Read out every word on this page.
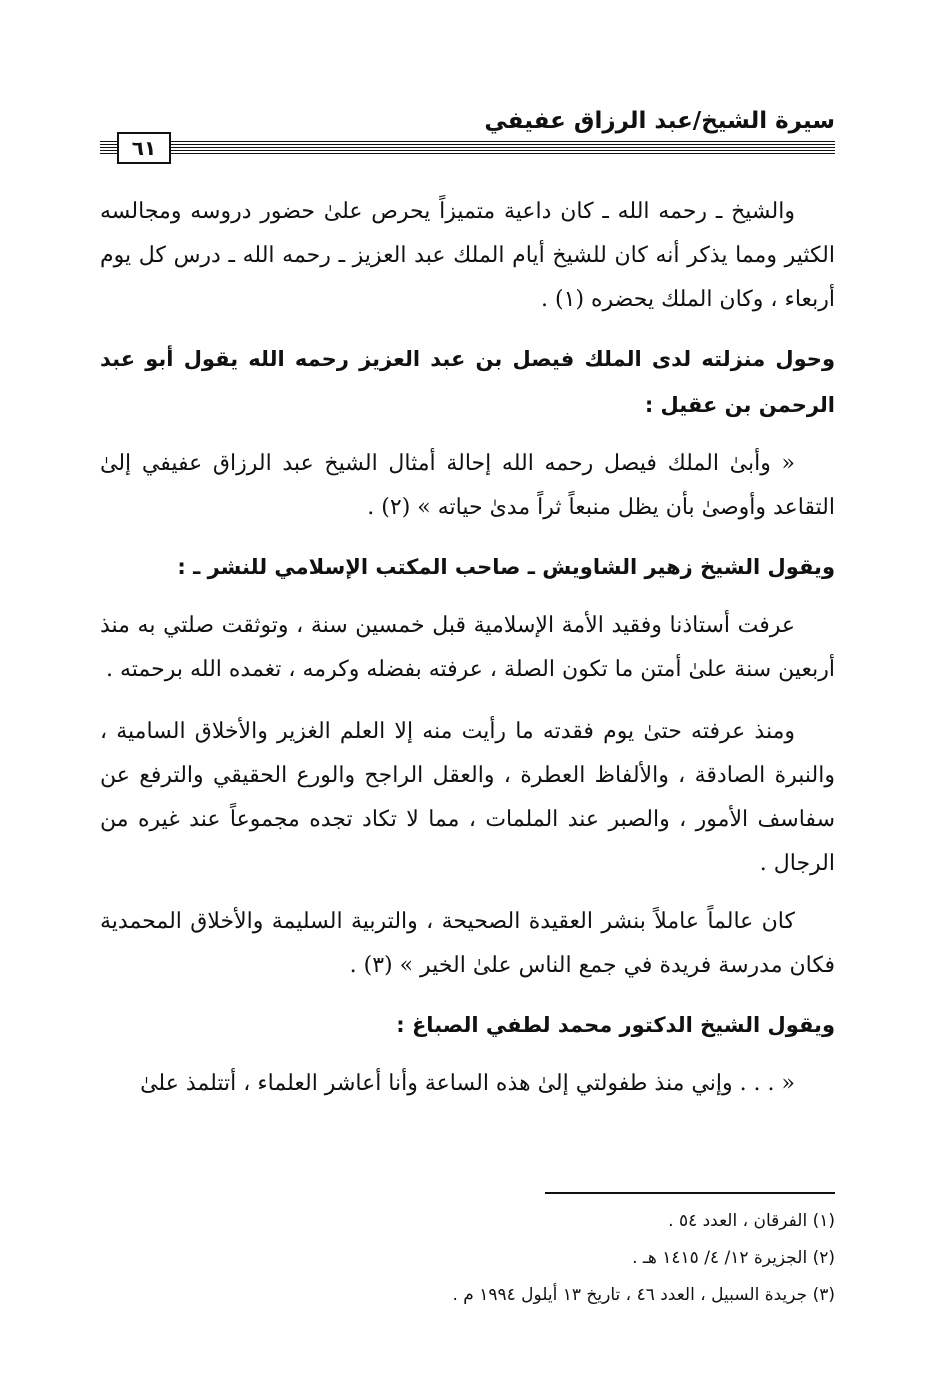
سيرة الشيخ/عبد الرزاق عفيفي
٦١

والشيخ ـ رحمه الله ـ كان داعية متميزاً يحرص علىٰ حضور دروسه ومجالسه الكثير ومما يذكر أنه كان للشيخ أيام الملك عبد العزيز ـ رحمه الله ـ درس كل يوم أربعاء ، وكان الملك يحضره (١) .

وحول منزلته لدى الملك فيصل بن عبد العزيز رحمه الله يقول أبو عبد الرحمن بن عقيل :

« وأبىٰ الملك فيصل رحمه الله إحالة أمثال الشيخ عبد الرزاق عفيفي إلىٰ التقاعد وأوصىٰ بأن يظل منبعاً ثراً مدىٰ حياته » (٢) .

ويقول الشيخ زهير الشاويش ـ صاحب المكتب الإسلامي للنشر ـ :

عرفت أستاذنا وفقيد الأمة الإسلامية قبل خمسين سنة ، وتوثقت صلتي به منذ أربعين سنة علىٰ أمتن ما تكون الصلة ، عرفته بفضله وكرمه ، تغمده الله برحمته .

ومنذ عرفته حتىٰ يوم فقدته ما رأيت منه إلا العلم الغزير والأخلاق السامية ، والنبرة الصادقة ، والألفاظ العطرة ، والعقل الراجح والورع الحقيقي والترفع عن سفاسف الأمور ، والصبر عند الملمات ، مما لا تكاد تجده مجموعاً عند غيره من الرجال .

كان عالماً عاملاً بنشر العقيدة الصحيحة ، والتربية السليمة والأخلاق المحمدية فكان مدرسة فريدة في جمع الناس علىٰ الخير » (٣) .

ويقول الشيخ الدكتور محمد لطفي الصباغ :

« . . . وإني منذ طفولتي إلىٰ هذه الساعة وأنا أعاشر العلماء ، أتتلمذ علىٰ

(١) الفرقان ، العدد ٥٤ .

(٢) الجزيرة ١٢/ ٤/ ١٤١٥ هـ .

(٣) جريدة السبيل ، العدد ٤٦ ، تاريخ ١٣ أيلول ١٩٩٤ م .
